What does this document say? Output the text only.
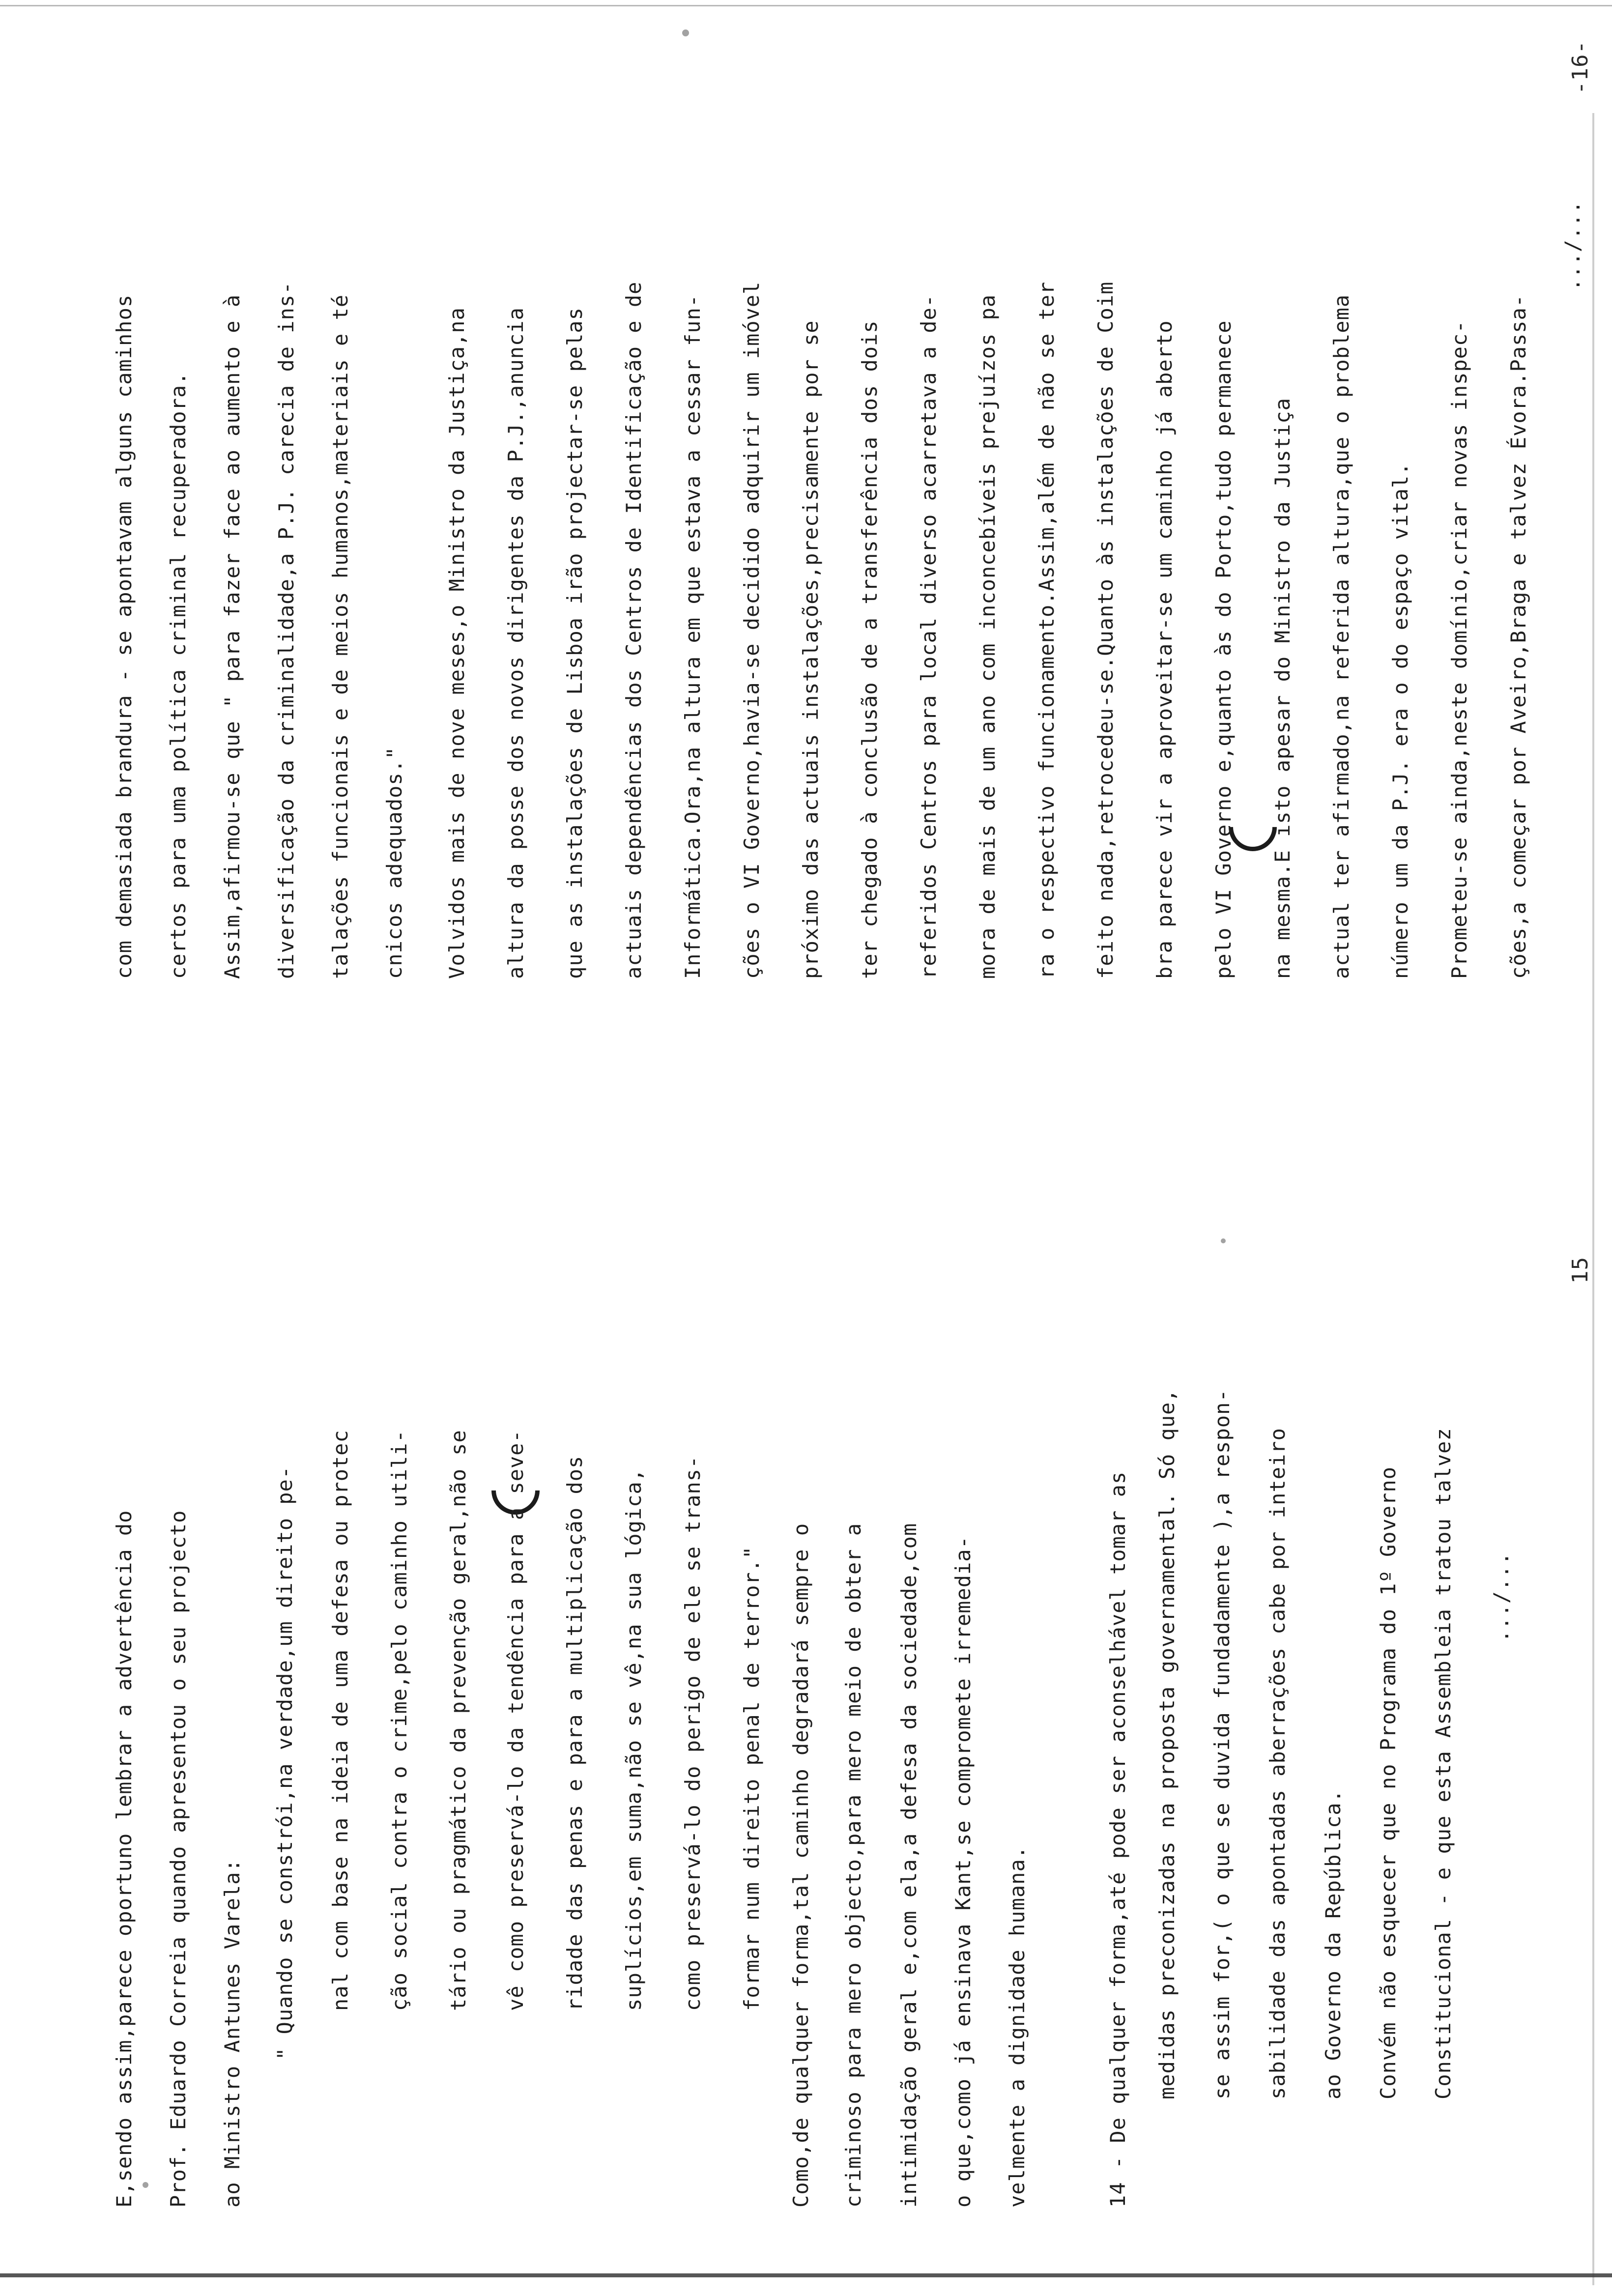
-16-
15
E,sendo assim,parece oportuno lembrar a advertência do Prof. Eduardo Correia quando apresentou o seu projecto ao Ministro Antunes Varela: " Quando se constrói,na verdade,um direito pe- nal com base na ideia de uma defesa ou protec ção social contra o crime,pelo caminho utili- tário ou pragmático da prevenção geral,não se vê como preservá-lo da tendência para a seve- ridade das penas e para a multiplicação dos suplícios,em suma,não se vê,na sua lógica, como preservá-lo do perigo de ele se trans- formar num direito penal de terror." Como,de qualquer forma,tal caminho degradará sempre o criminoso para mero objecto,para mero meio de obter a intimidação geral e,com ela,a defesa da sociedade,com o que,como já ensinava Kant,se compromete irremedia- velmente a dignidade humana.	14 - De qualquer forma,até pode ser aconselhável tomar as medidas preconizadas na proposta governamental. Só que, se assim for,( o que se duvida fundadamente ),a respon- sabilidade das apontadas aberrações cabe por inteiro ao Governo da República. Convém não esquecer que no Programa do 1º Governo Constitucional - e que esta Assembleia tratou talvez .../...
com demasiada brandura - se apontavam alguns caminhos certos para uma política criminal recuperadora. Assim,afirmou-se que " para fazer face ao aumento e à diversificação da criminalidade,a P.J. carecia de ins- talações funcionais e de meios humanos,materiais e té cnicos adequados." Volvidos mais de nove meses,o Ministro da Justiça,na altura da posse dos novos dirigentes da P.J.,anuncia que as instalações de Lisboa irão projectar-se pelas actuais dependências dos Centros de Identificação e de Informática.Ora,na altura em que estava a cessar fun- ções o VI Governo,havia-se decidido adquirir um imóvel próximo das actuais instalações,precisamente por se ter chegado à conclusão de a transferência dos dois referidos Centros para local diverso acarretava a de- mora de mais de um ano com inconcebíveis prejuízos pa ra o respectivo funcionamento.Assim,além de não se ter feito nada,retrocedeu-se.Quanto às instalações de Coim bra parece vir a aproveitar-se um caminho já aberto pelo VI Governo e,quanto às do Porto,tudo permanece na mesma.E isto apesar do Ministro da Justiça actual ter afirmado,na referida altura,que o problema número um da P.J. era o do espaço vital. Prometeu-se ainda,neste domínio,criar novas inspec- ções,a começar por Aveiro,Braga e talvez Évora.Passa-
.../...
